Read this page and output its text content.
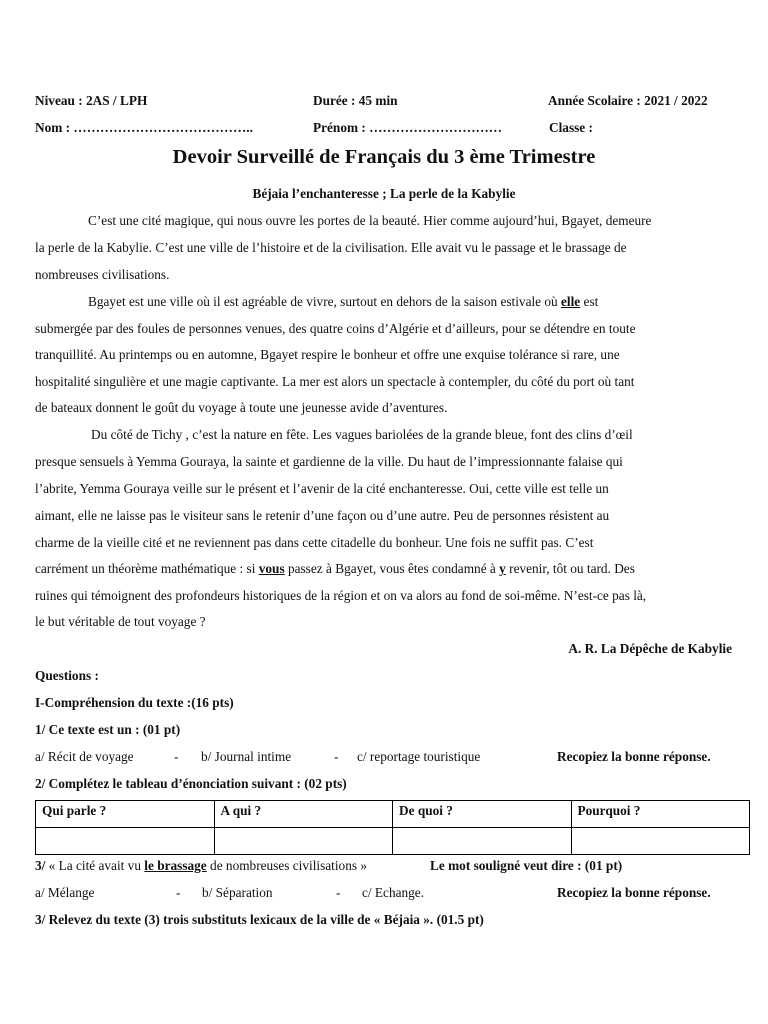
Niveau : 2AS / LPH	Durée : 45 min	Année Scolaire : 2021 / 2022
Nom : …………………………………..	Prénom : …………………………	Classe :
Devoir Surveillé de Français du 3 ème Trimestre
Béjaia l’enchanteresse ; La perle de la Kabylie
C’est une cité magique, qui nous ouvre les portes de la beauté. Hier comme aujourd’hui, Bgayet, demeure
la perle de la Kabylie. C’est une ville de l’histoire et de la civilisation. Elle avait vu le passage et le brassage de
nombreuses civilisations.
Bgayet est une ville où il est agréable de vivre, surtout en dehors de la saison estivale où elle est
submergée par des foules de personnes venues, des quatre coins d’Algérie et d’ailleurs, pour se détendre en toute
tranquillité. Au printemps ou en automne, Bgayet respire le bonheur et offre une exquise tolérance si rare, une
hospitalité singulière et une magie captivante. La mer est alors un spectacle à contempler, du côté du port où tant
de bateaux donnent le goût du voyage à toute une jeunesse avide d’aventures.
Du côté de Tichy , c’est la nature en fête. Les vagues bariolées de la grande bleue, font des clins d’œil
presque sensuels à Yemma Gouraya, la sainte et gardienne de la ville. Du haut de l’impressionnante falaise qui
l’abrite, Yemma Gouraya veille sur le présent et l’avenir de la cité enchanteresse. Oui, cette ville est telle un
aimant, elle ne laisse pas le visiteur sans le retenir d’une façon ou d’une autre. Peu de personnes résistent au
charme de la vieille cité et ne reviennent pas dans cette citadelle du bonheur. Une fois ne suffit pas. C’est
carrément un théorème mathématique : si vous passez à Bgayet, vous êtes condamné à y revenir, tôt ou tard. Des
ruines qui témoignent des profondeurs historiques de la région et on va alors au fond de soi-même. N’est-ce pas là,
le but véritable de tout voyage ?
A. R. La Dépêche de Kabylie
Questions :
I-Compréhension du texte :(16 pts)
1/ Ce texte est un : (01 pt)
a/ Récit de voyage	- b/ Journal intime	- c/ reportage touristique	Recopiez la bonne réponse.
2/ Complétez le tableau d’énonciation suivant : (02 pts)
Qui parle ?	A qui ?	De quoi ?	Pourquoi ?

3/ « La cité avait vu le brassage de nombreuses civilisations »	Le mot souligné veut dire : (01 pt)
a/ Mélange	- b/ Séparation	- c/ Echange.	Recopiez la bonne réponse.
3/ Relevez du texte (3) trois substituts lexicaux de la ville de « Béjaia ». (01.5 pt)
